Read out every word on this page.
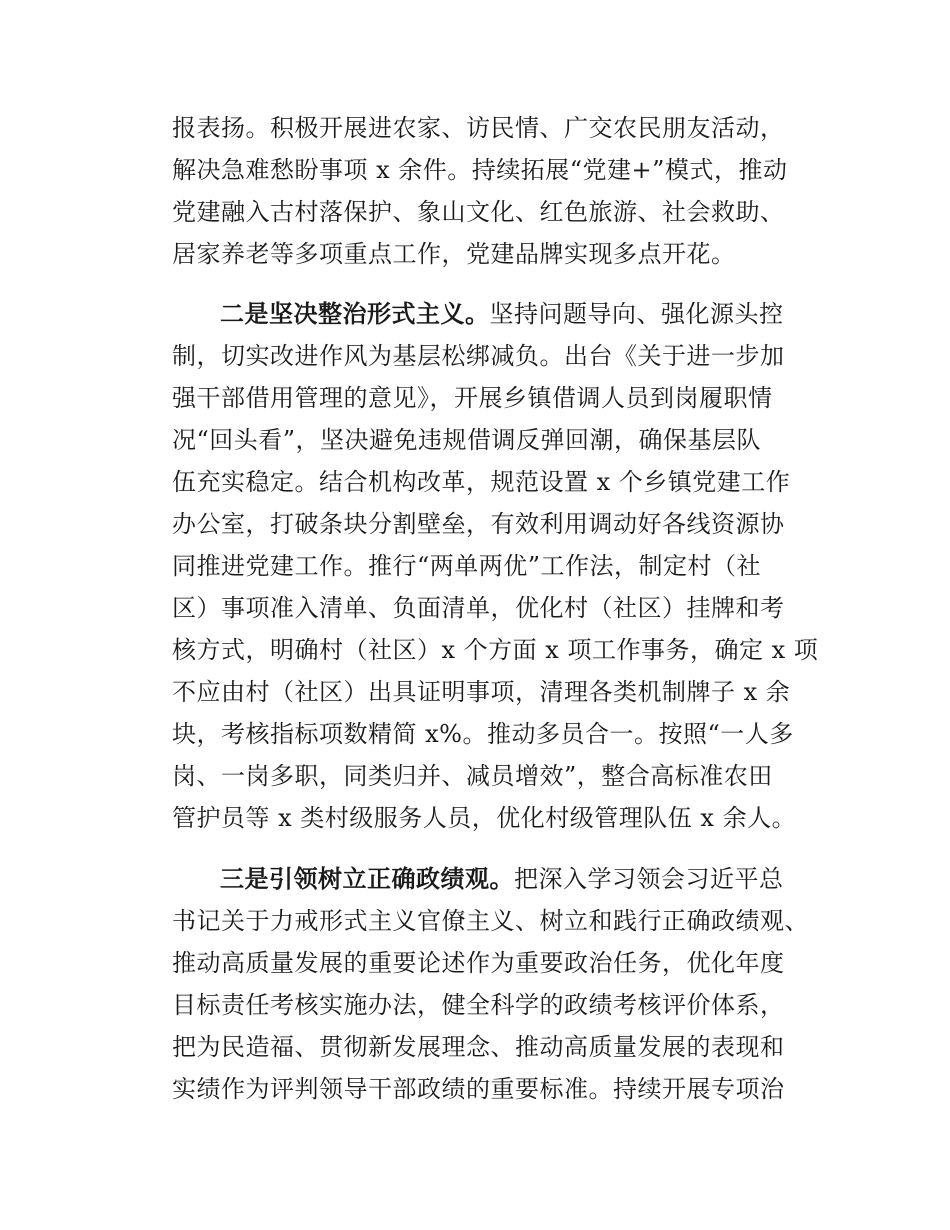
报表扬。积极开展进农家、访民情、广交农民朋友活动，
解决急难愁盼事项 x 余件。持续拓展“党建+”模式，推动
党建融入古村落保护、象山文化、红色旅游、社会救助、
居家养老等多项重点工作，党建品牌实现多点开花。
二是坚决整治形式主义。坚持问题导向、强化源头控
制，切实改进作风为基层松绑减负。出台《关于进一步加
强干部借用管理的意见》，开展乡镇借调人员到岗履职情
况“回头看”，坚决避免违规借调反弹回潮，确保基层队
伍充实稳定。结合机构改革，规范设置 x 个乡镇党建工作
办公室，打破条块分割壁垒，有效利用调动好各线资源协
同推进党建工作。推行“两单两优”工作法，制定村（社
区）事项准入清单、负面清单，优化村（社区）挂牌和考
核方式，明确村（社区）x 个方面 x 项工作事务，确定 x 项
不应由村（社区）出具证明事项，清理各类机制牌子 x 余
块，考核指标项数精简 x%。推动多员合一。按照“一人多
岗、一岗多职，同类归并、减员增效”，整合高标准农田
管护员等 x 类村级服务人员，优化村级管理队伍 x 余人。
三是引领树立正确政绩观。把深入学习领会习近平总
书记关于力戒形式主义官僚主义、树立和践行正确政绩观、
推动高质量发展的重要论述作为重要政治任务，优化年度
目标责任考核实施办法，健全科学的政绩考核评价体系，
把为民造福、贯彻新发展理念、推动高质量发展的表现和
实绩作为评判领导干部政绩的重要标准。持续开展专项治
